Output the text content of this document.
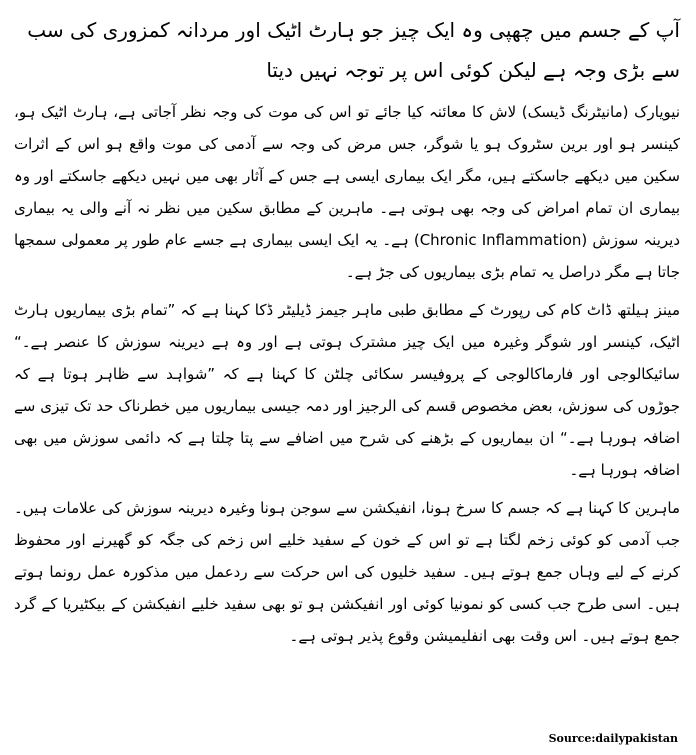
آپ کے جسم میں چھپی وہ ایک چیز جو ہارٹ اٹیک اور مردانہ کمزوری کی سب سے بڑی وجہ ہے لیکن کوئی اس پر توجہ نہیں دیتا

نیویارک (مانیٹرنگ ڈیسک) لاش کا معائنہ کیا جائے تو اس کی موت کی وجہ نظر آجاتی ہے، ہارٹ اٹیک ہو، کینسر ہو اور برین سٹروک ہو یا شوگر، جس مرض کی وجہ سے آدمی کی موت واقع ہو اس کے اثرات سکین میں دیکھے جاسکتے ہیں، مگر ایک بیماری ایسی ہے جس کے آثار بھی میں نہیں دیکھے جاسکتے اور وہ بیماری ان تمام امراض کی وجہ بھی ہوتی ہے۔ ماہرین کے مطابق سکین میں نظر نہ آنے والی یہ بیماری دیرینہ سوزش (Chronic Inflammation) ہے۔ یہ ایک ایسی بیماری ہے جسے عام طور پر معمولی سمجھا جاتا ہے مگر دراصل یہ تمام بڑی بیماریوں کی جڑ ہے۔

مینز ہیلتھ ڈاٹ کام کی رپورٹ کے مطابق طبی ماہر جیمز ڈیلیٹر ڈکا کہنا ہے کہ ”تمام بڑی بیماریوں ہارٹ اٹیک، کینسر اور شوگر وغیرہ میں ایک چیز مشترک ہوتی ہے اور وہ ہے دیرینہ سوزش کا عنصر ہے۔“ سائیکالوجی اور فارماکالوجی کے پروفیسر سکائی چلٹن کا کہنا ہے کہ ”شواہد سے ظاہر ہوتا ہے کہ جوڑوں کی سوزش، بعض مخصوص قسم کی الرجیز اور دمہ جیسی بیماریوں میں خطرناک حد تک تیزی سے اضافہ ہورہا ہے۔“ ان بیماریوں کے بڑھنے کی شرح میں اضافے سے پتا چلتا ہے کہ دائمی سوزش میں بھی اضافہ ہورہا ہے۔

ماہرین کا کہنا ہے کہ جسم کا سرخ ہونا، انفیکشن سے سوجن ہونا وغیرہ دیرینہ سوزش کی علامات ہیں۔ جب آدمی کو کوئی زخم لگتا ہے تو اس کے خون کے سفید خلیے اس زخم کی جگہ کو گھیرنے اور محفوظ کرنے کے لیے وہاں جمع ہوتے ہیں۔ سفید خلیوں کی اس حرکت سے ردعمل میں مذکورہ عمل رونما ہوتے ہیں۔ اسی طرح جب کسی کو نمونیا کوئی اور انفیکشن ہو تو بھی سفید خلیے انفیکشن کے بیکٹیریا کے گرد جمع ہوتے ہیں۔ اس وقت بھی انفلیمیشن وقوع پذیر ہوتی ہے۔

Source:dailypakistan
